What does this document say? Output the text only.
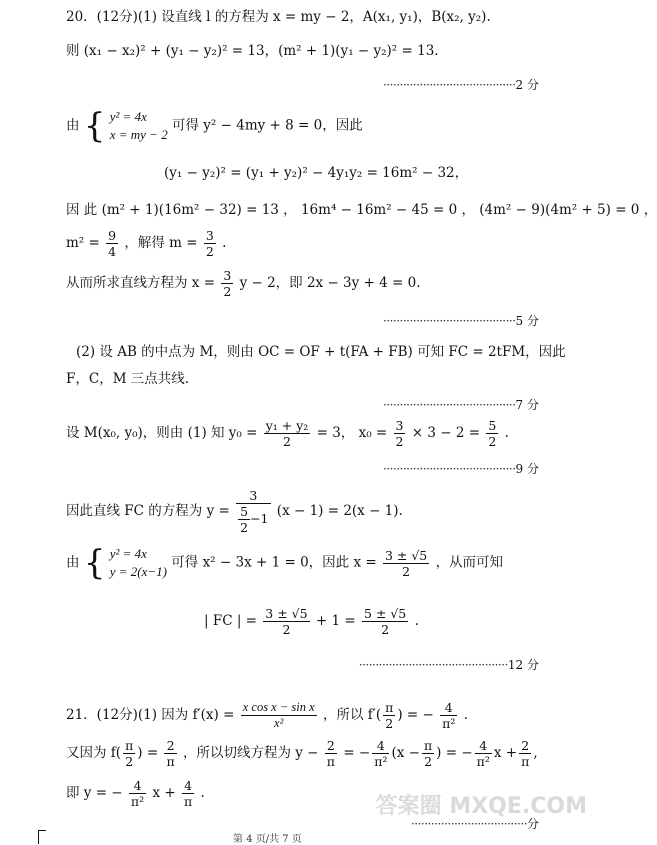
20．(12分)(1) 设直线 l 的方程为 x = my − 2，A(x₁, y₁)，B(x₂, y₂).
则 (x₁ − x₂)² + (y₁ − y₂)² = 13，(m² + 1)(y₁ − y₂)² = 13.
········································2 分
由 { y² = 4x
x = my − 2
可得 y² − 4my + 8 = 0，因此
(y₁ − y₂)² = (y₁ + y₂)² − 4y₁y₂ = 16m² − 32，
因 此 (m² + 1)(16m² − 32) = 13 ， 16m⁴ − 16m² − 45 = 0 ， (4m² − 9)(4m² + 5) = 0 ，
$m^2 = \frac{9}{4}$ ，解得 $m = \frac{3}{2}$ .
从而所求直线方程为 $x = \frac{3}{2}$ y − 2，即 2x − 3y + 4 = 0.
········································5 分
(2) 设 AB 的中点为 M，则由 OC = OF + t(FA + FB) 可知 FC = 2tFM，因此
F，C，M 三点共线.
········································7 分
设 M(x₀, y₀)，则由 (1) 知 $y_0 = \frac{\text{y₁ + y₂}}{2} = 3$， $x_0 = \frac{3}{2} \times 3 - 2 = \frac{5}{2}$ .
········································9 分
因此直线 FC 的方程为 $y = \frac{3}{\frac{5}{2} -1} (x - 1) = 2(x - 1)$.
由 { y² = 4x
y = 2(x−1)
可得 x² − 3x + 1 = 0，因此 $x = \frac{3 \pm √5}{2}$ ，从而可知
| FC | = $\frac{3 \pm √5}{2} + 1 = \frac{5 \pm √5}{2}$ .
·············································12 分
21．(12分)(1) 因为 $f'(x) = \frac{\text{x cos x − sin x}}{\text{x²}}$ ，所以 $f'( \frac{\pi}{2}$ ) = − $\frac{4}{\text{π²}}$ .
又因为 $f( \frac{\pi}{2}$ ) = $\frac{2}{\pi}$ ，所以切线方程为 $y - \frac{2}{\pi}$ = − $\frac{4}{\text{π²}} (x - \frac{\pi}{2}$ ) = − $\frac{4}{\text{π²}}$ $x + \frac{2}{\pi}$ ,
即 y = − $\frac{4}{\text{π²}}$ $x + \frac{4}{\pi}$ .
···································分
第 4 页/共 7 页
答案圈 MXQE.COM
